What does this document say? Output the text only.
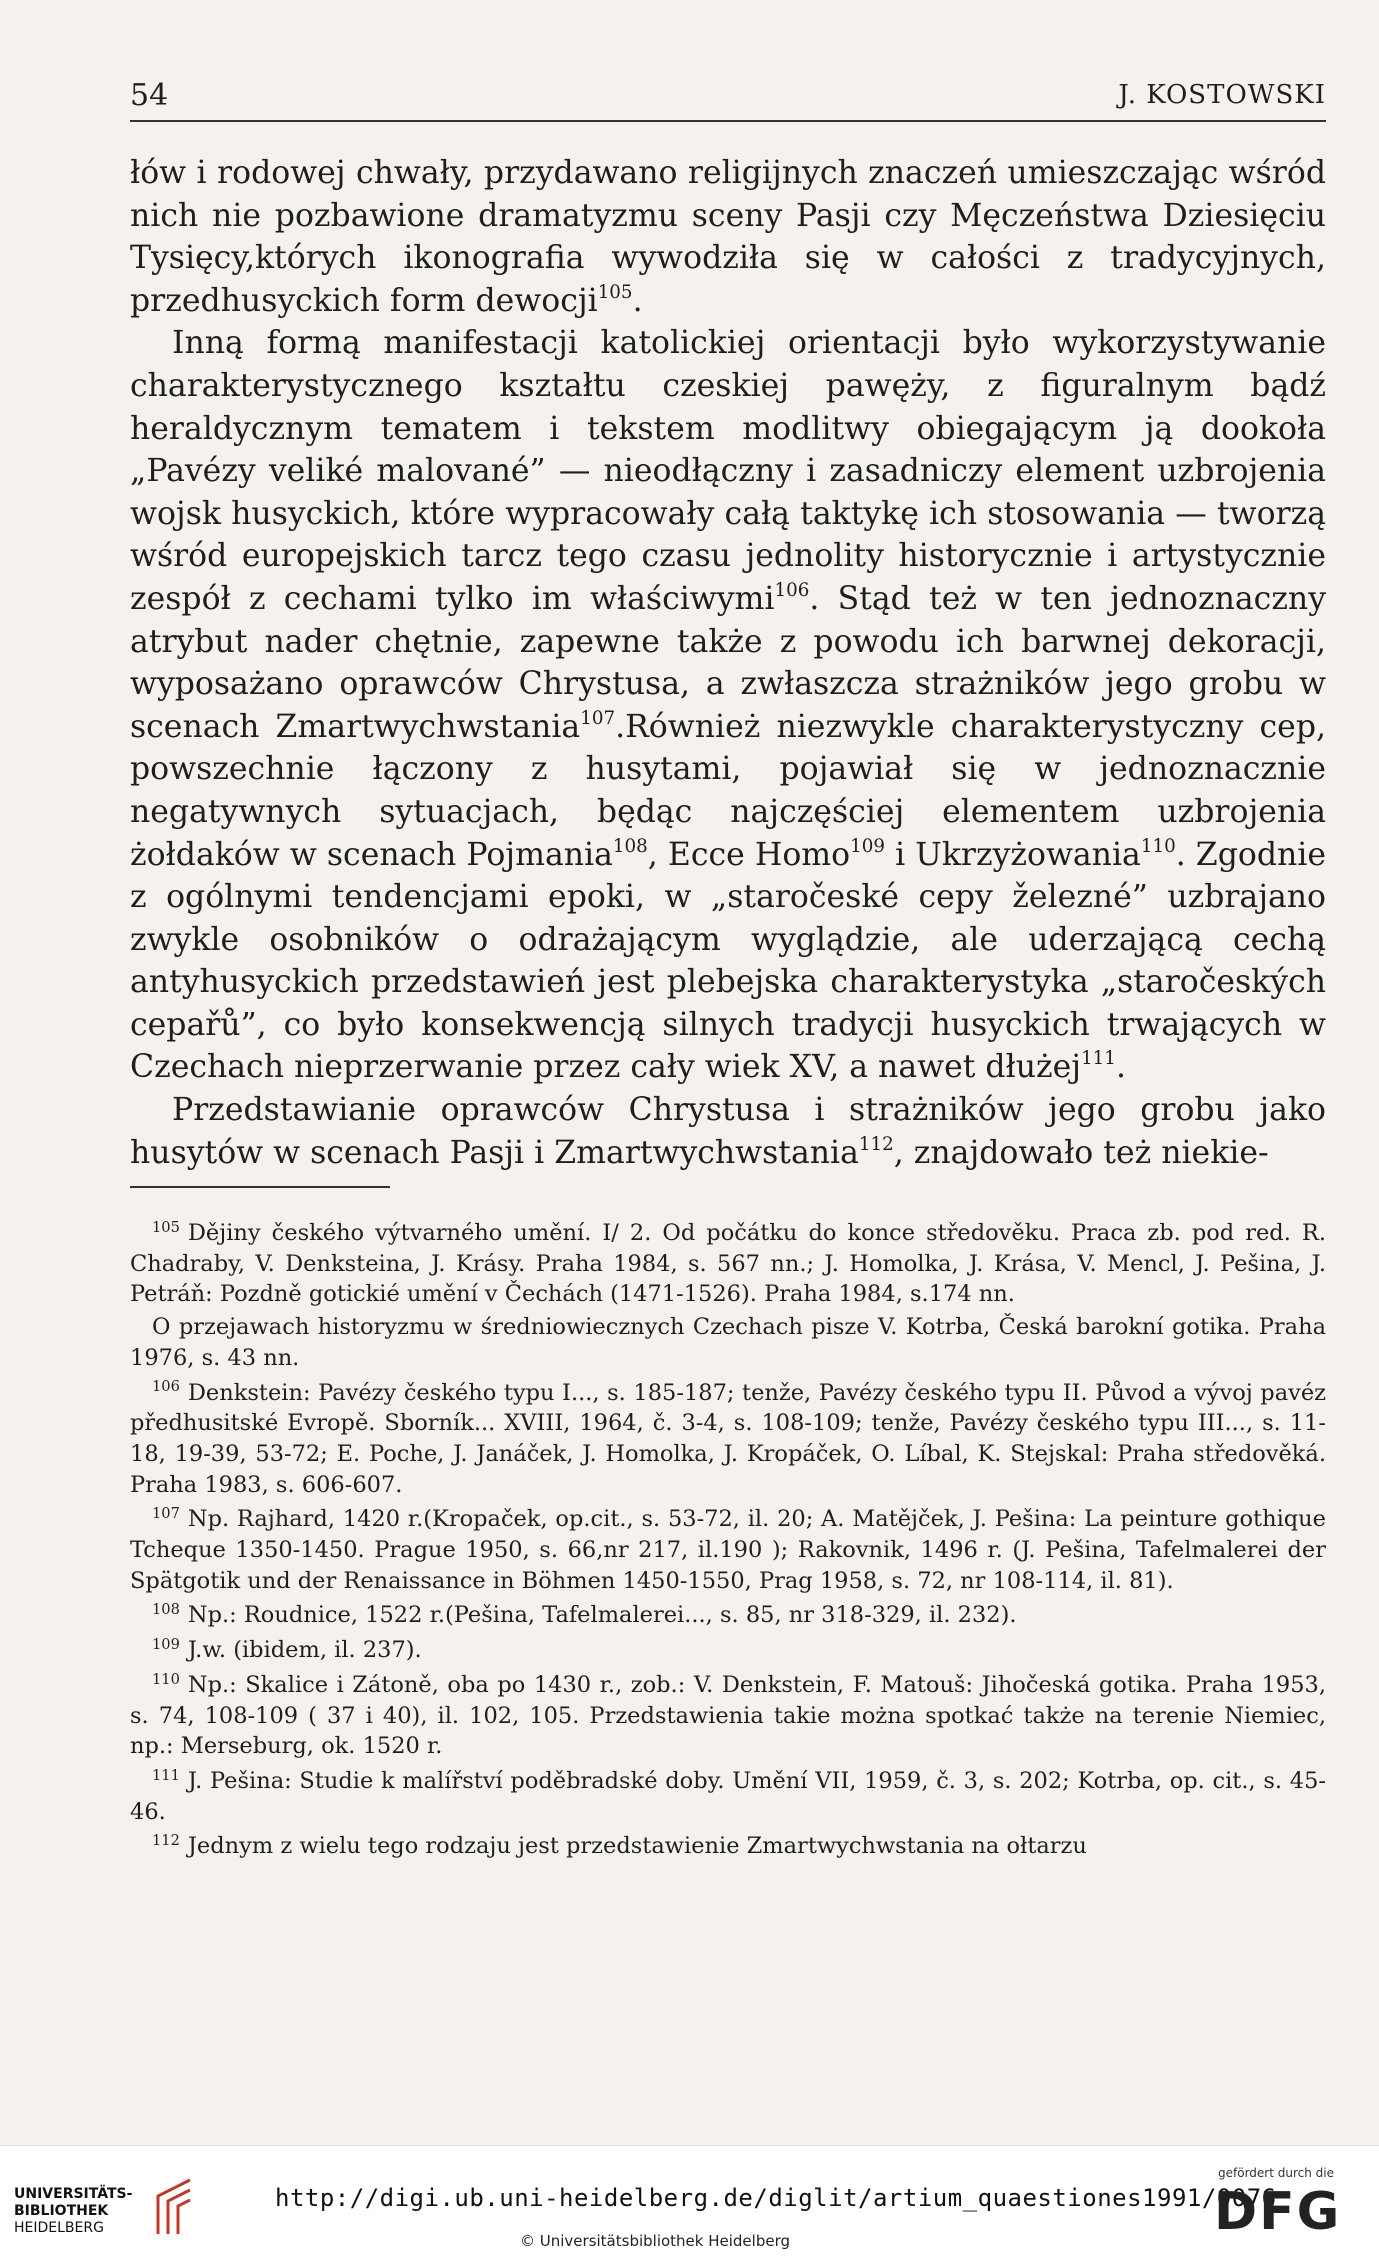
54	J. KOSTOWSKI

łów i rodowej chwały, przydawano religijnych znaczeń umieszczając wśród nich nie pozbawione dramatyzmu sceny Pasji czy Męczeństwa Dziesięciu Tysięcy,których ikonografia wywodziła się w całości z tradycyjnych, przedhusyckich form dewocji$^{105}$.

Inną formą manifestacji katolickiej orientacji było wykorzystywanie charakterystycznego kształtu czeskiej pawęży, z figuralnym bądź heraldycznym tematem i tekstem modlitwy obiegającym ją dookoła „Pavézy veliké malované” — nieodłączny i zasadniczy element uzbrojenia wojsk husyckich, które wypracowały całą taktykę ich stosowania — tworzą wśród europejskich tarcz tego czasu jednolity historycznie i artystycznie zespół z cechami tylko im właściwymi$^{106}$. Stąd też w ten jednoznaczny atrybut nader chętnie, zapewne także z powodu ich barwnej dekoracji, wyposażano oprawców Chrystusa, a zwłaszcza strażników jego grobu w scenach Zmartwychwstania$^{107}$.Również niezwykle charakterystyczny cep, powszechnie łączony z husytami, pojawiał się w jednoznacznie negatywnych sytuacjach, będąc najczęściej elementem uzbrojenia żołdaków w scenach Pojmania$^{108}$, Ecce Homo$^{109}$ i Ukrzyżowania$^{110}$. Zgodnie z ogólnymi tendencjami epoki, w „staročeské cepy železné” uzbrajano zwykle osobników o odrażającym wyglądzie, ale uderzającą cechą antyhusyckich przedstawień jest plebejska charakterystyka „staročeských cepařů”, co było konsekwencją silnych tradycji husyckich trwających w Czechach nieprzerwanie przez cały wiek XV, a nawet dłużej$^{111}$.

Przedstawianie oprawców Chrystusa i strażników jego grobu jako husytów w scenach Pasji i Zmartwychwstania$^{112}$, znajdowało też niekie-

$^{105}$ Dějiny českého výtvarného umění. I/ 2. Od počátku do konce středověku. Praca zb. pod red. R. Chadraby, V. Denksteina, J. Krásy. Praha 1984, s. 567 nn.; J. Homolka, J. Krása, V. Mencl, J. Pešina, J. Petráň: Pozdně gotickié umění v Čechách (1471-1526). Praha 1984, s.174 nn.

O przejawach historyzmu w średniowiecznych Czechach pisze V. Kotrba, Česká barokní gotika. Praha 1976, s. 43 nn.

$^{106}$ Denkstein: Pavézy českého typu I..., s. 185-187; tenže, Pavézy českého typu II. Původ a vývoj pavéz předhusitské Evropě. Sborník... XVIII, 1964, č. 3-4, s. 108-109; tenže, Pavézy českého typu III..., s. 11-18, 19-39, 53-72; E. Poche, J. Janáček, J. Homolka, J. Kropáček, O. Líbal, K. Stejskal: Praha středověká. Praha 1983, s. 606-607.

$^{107}$ Np. Rajhard, 1420 r.(Kropaček, op.cit., s. 53-72, il. 20; A. Matějček, J. Pešina: La peinture gothique Tcheque 1350-1450. Prague 1950, s. 66,nr 217, il.190 ); Rakovnik, 1496 r. (J. Pešina, Tafelmalerei der Spätgotik und der Renaissance in Böhmen 1450-1550, Prag 1958, s. 72, nr 108-114, il. 81).

$^{108}$ Np.: Roudnice, 1522 r.(Pešina, Tafelmalerei..., s. 85, nr 318-329, il. 232).

$^{109}$ J.w. (ibidem, il. 237).

$^{110}$ Np.: Skalice i Zátoně, oba po 1430 r., zob.: V. Denkstein, F. Matouš: Jihočeská gotika. Praha 1953, s. 74, 108-109 ( 37 i 40), il. 102, 105. Przedstawienia takie można spotkać także na terenie Niemiec, np.: Merseburg, ok. 1520 r.

$^{111}$ J. Pešina: Studie k malířství poděbradské doby. Umění VII, 1959, č. 3, s. 202; Kotrba, op. cit., s. 45-46.

$^{112}$ Jednym z wielu tego rodzaju jest przedstawienie Zmartwychwstania na ołtarzu

UNIVERSITÄTS-
BIBLIOTHEK
HEIDELBERG
http://digi.ub.uni-heidelberg.de/diglit/artium_quaestiones1991/0076
© Universitätsbibliothek Heidelberg
gefördert durch die
DFG
